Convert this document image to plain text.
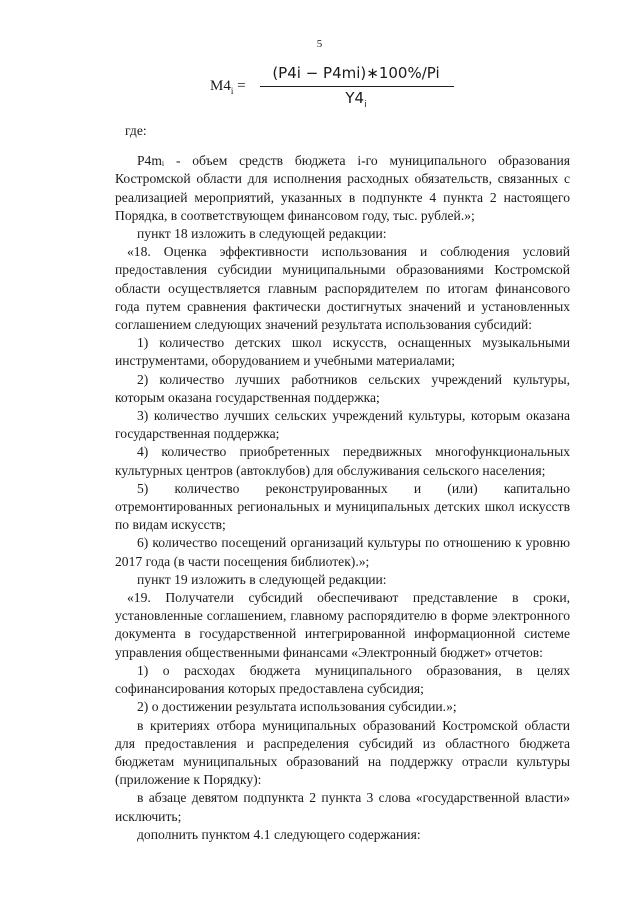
5
$M4_i$ =
(P4i − P4mi)∗100%/Pi
$Y4_i$

где:

P4mᵢ - объем средств бюджета i-го муниципального образования Костромской области для исполнения расходных обязательств, связанных с реализацией мероприятий, указанных в подпункте 4 пункта 2 настоящего Порядка, в соответствующем финансовом году, тыс. рублей.»;

пункт 18 изложить в следующей редакции:

«18. Оценка эффективности использования и соблюдения условий предоставления субсидии муниципальными образованиями Костромской области осуществляется главным распорядителем по итогам финансового года путем сравнения фактически достигнутых значений и установленных соглашением следующих значений результата использования субсидий:

1) количество детских школ искусств, оснащенных музыкальными инструментами, оборудованием и учебными материалами;

2) количество лучших работников сельских учреждений культуры, которым оказана государственная поддержка;

3) количество лучших сельских учреждений культуры, которым оказана государственная поддержка;

4) количество приобретенных передвижных многофункциональных культурных центров (автоклубов) для обслуживания сельского населения;

5) количество реконструированных и (или) капитально отремонтированных региональных и муниципальных детских школ искусств по видам искусств;

6) количество посещений организаций культуры по отношению к уровню 2017 года (в части посещения библиотек).»;

пункт 19 изложить в следующей редакции:

«19. Получатели субсидий обеспечивают представление в сроки, установленные соглашением, главному распорядителю в форме электронного документа в государственной интегрированной информационной системе управления общественными финансами «Электронный бюджет» отчетов:

1) о расходах бюджета муниципального образования, в целях софинансирования которых предоставлена субсидия;

2) о достижении результата использования субсидии.»;

в критериях отбора муниципальных образований Костромской области для предоставления и распределения субсидий из областного бюджета бюджетам муниципальных образований на поддержку отрасли культуры (приложение к Порядку):

в абзаце девятом подпункта 2 пункта 3 слова «государственной власти» исключить;

дополнить пунктом 4.1 следующего содержания:
